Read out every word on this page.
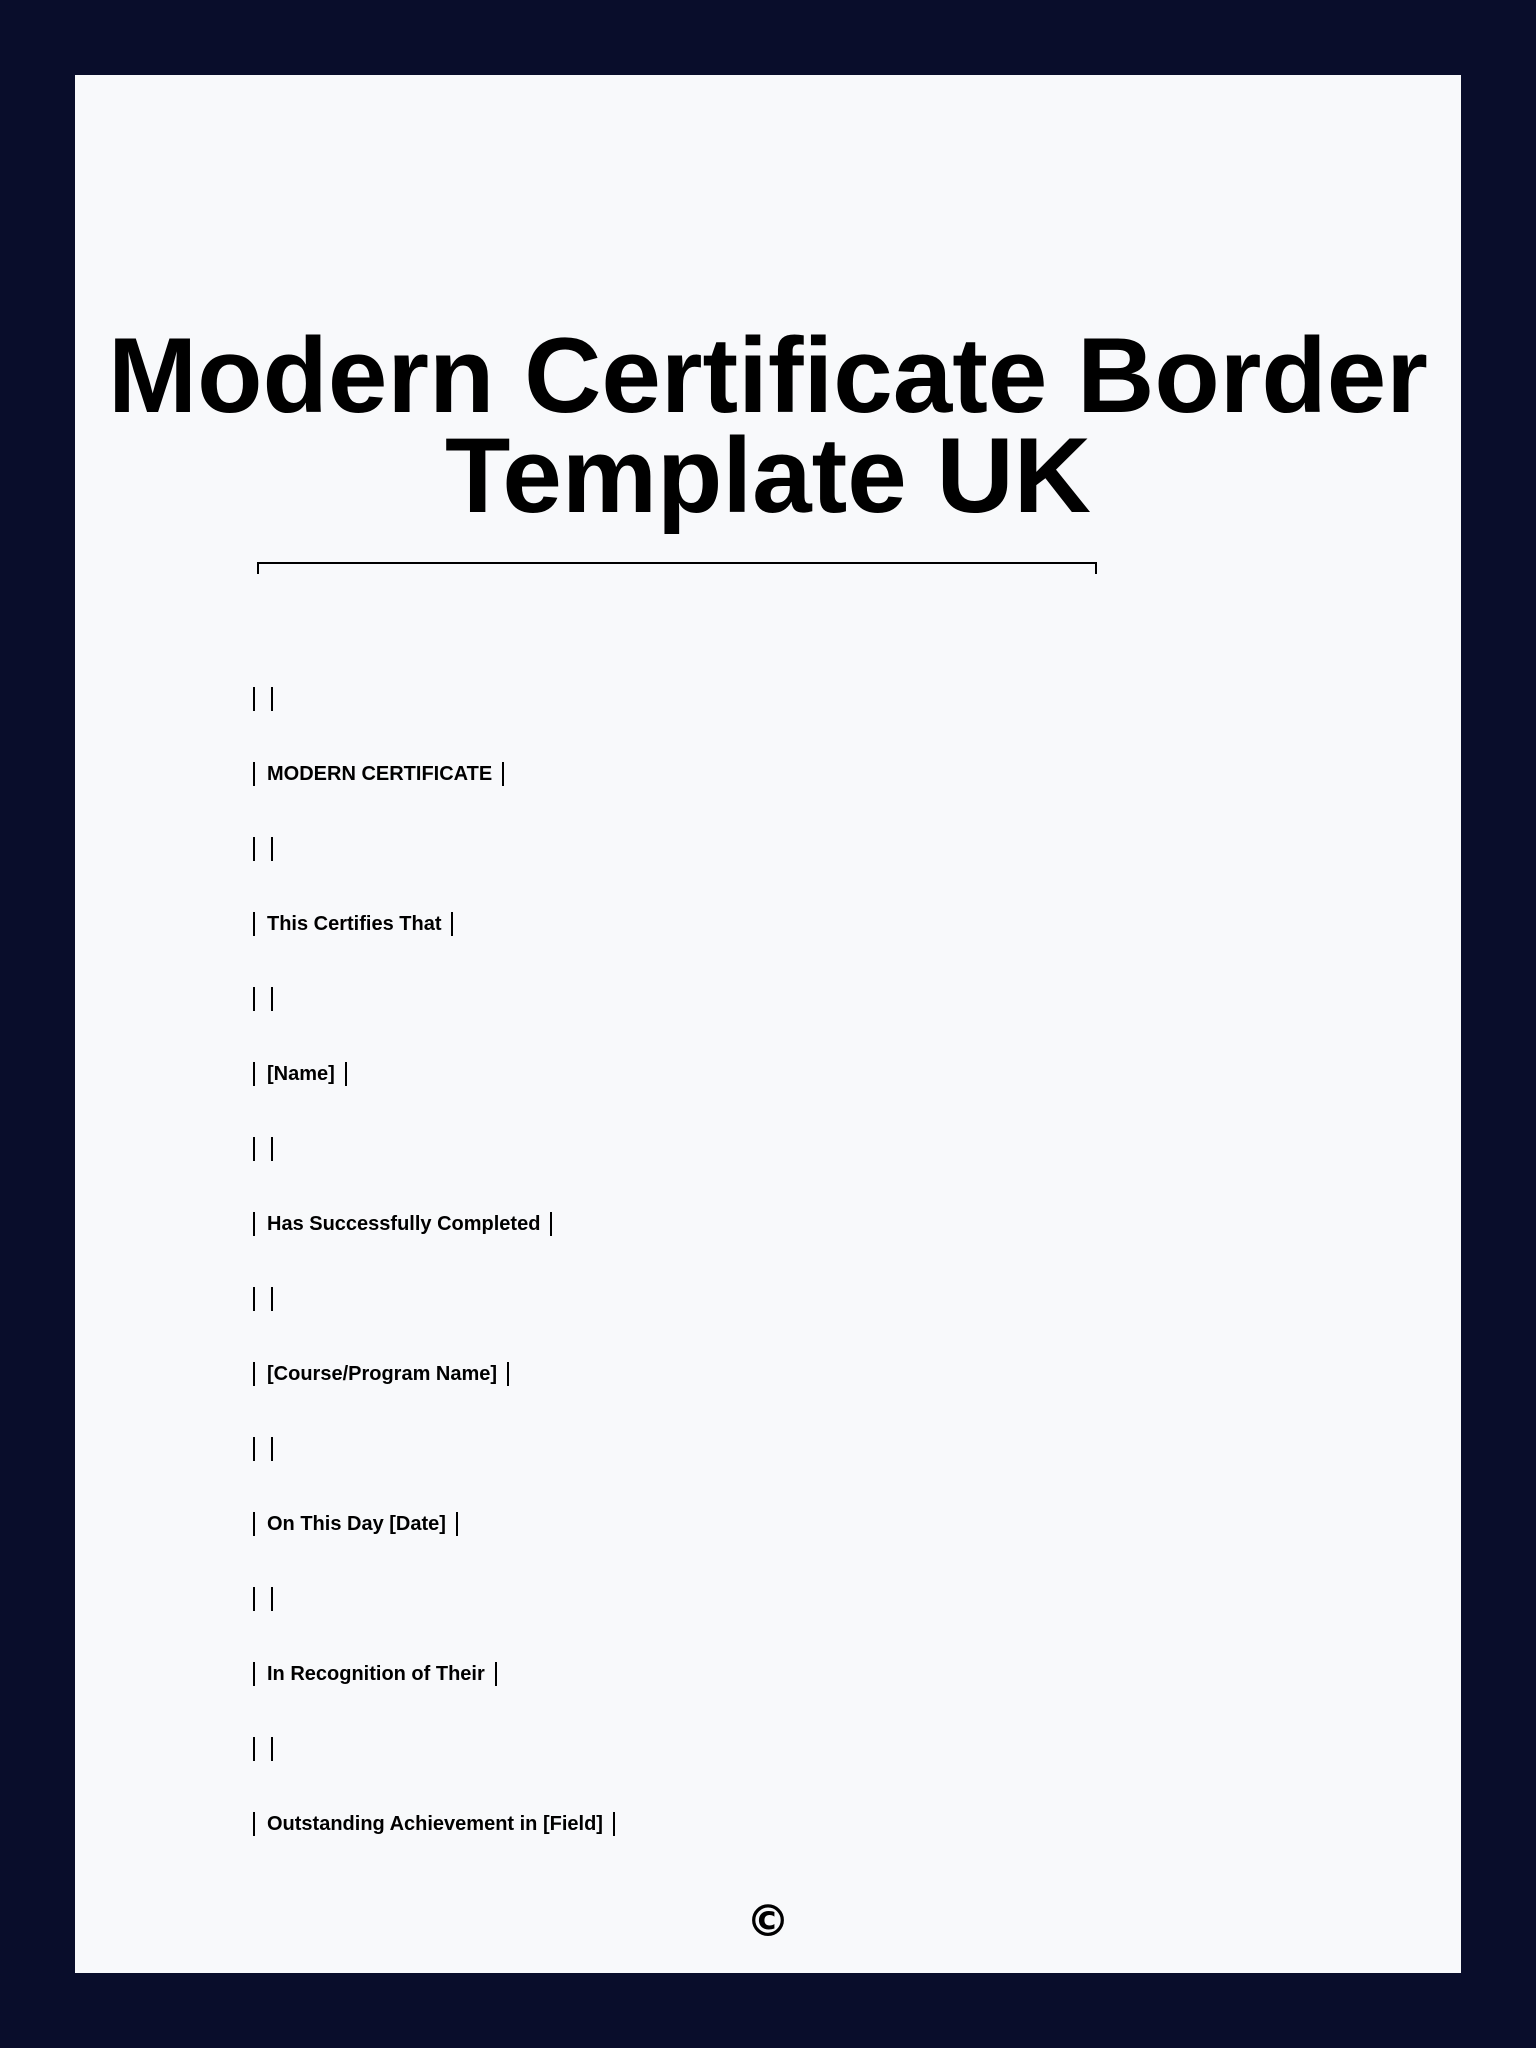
Modern Certificate Border
Template UK
MODERN CERTIFICATE
This Certifies That
[Name]
Has Successfully Completed
[Course/Program Name]
On This Day [Date]
In Recognition of Their
Outstanding Achievement in [Field]
©
